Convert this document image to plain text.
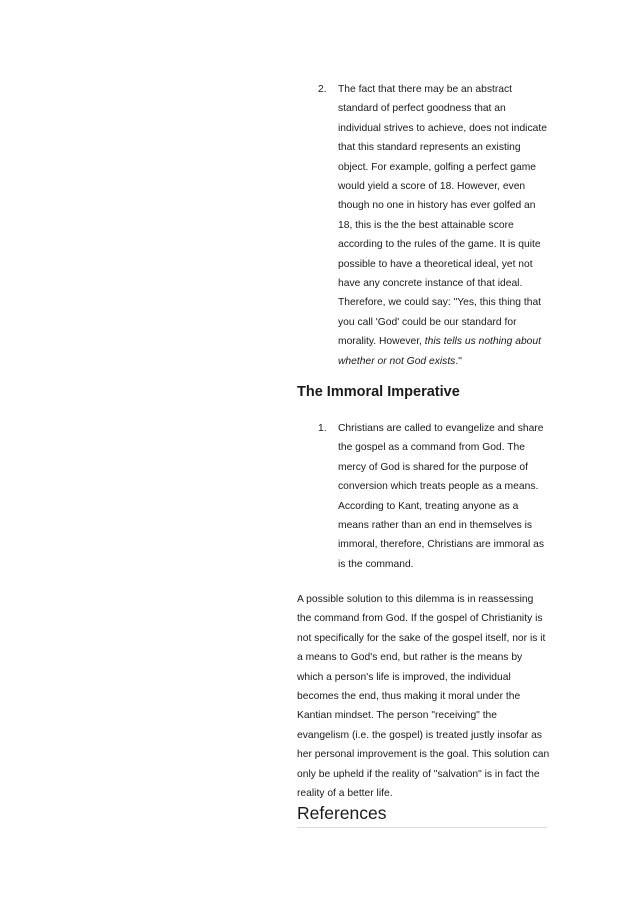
2. The fact that there may be an abstract
standard of perfect goodness that an
individual strives to achieve, does not indicate
that this standard represents an existing
object. For example, golfing a perfect game
would yield a score of 18. However, even
though no one in history has ever golfed an
18, this is the the best attainable score
according to the rules of the game. It is quite
possible to have a theoretical ideal, yet not
have any concrete instance of that ideal.
Therefore, we could say: "Yes, this thing that
you call 'God' could be our standard for
morality. However, this tells us nothing about
whether or not God exists."
The Immoral Imperative
1. Christians are called to evangelize and share
the gospel as a command from God. The
mercy of God is shared for the purpose of
conversion which treats people as a means.
According to Kant, treating anyone as a
means rather than an end in themselves is
immoral, therefore, Christians are immoral as
is the command.
A possible solution to this dilemma is in reassessing
the command from God. If the gospel of Christianity is
not specifically for the sake of the gospel itself, nor is it
a means to God's end, but rather is the means by
which a person's life is improved, the individual
becomes the end, thus making it moral under the
Kantian mindset. The person "receiving" the
evangelism (i.e. the gospel) is treated justly insofar as
her personal improvement is the goal. This solution can
only be upheld if the reality of "salvation" is in fact the
reality of a better life.
References
